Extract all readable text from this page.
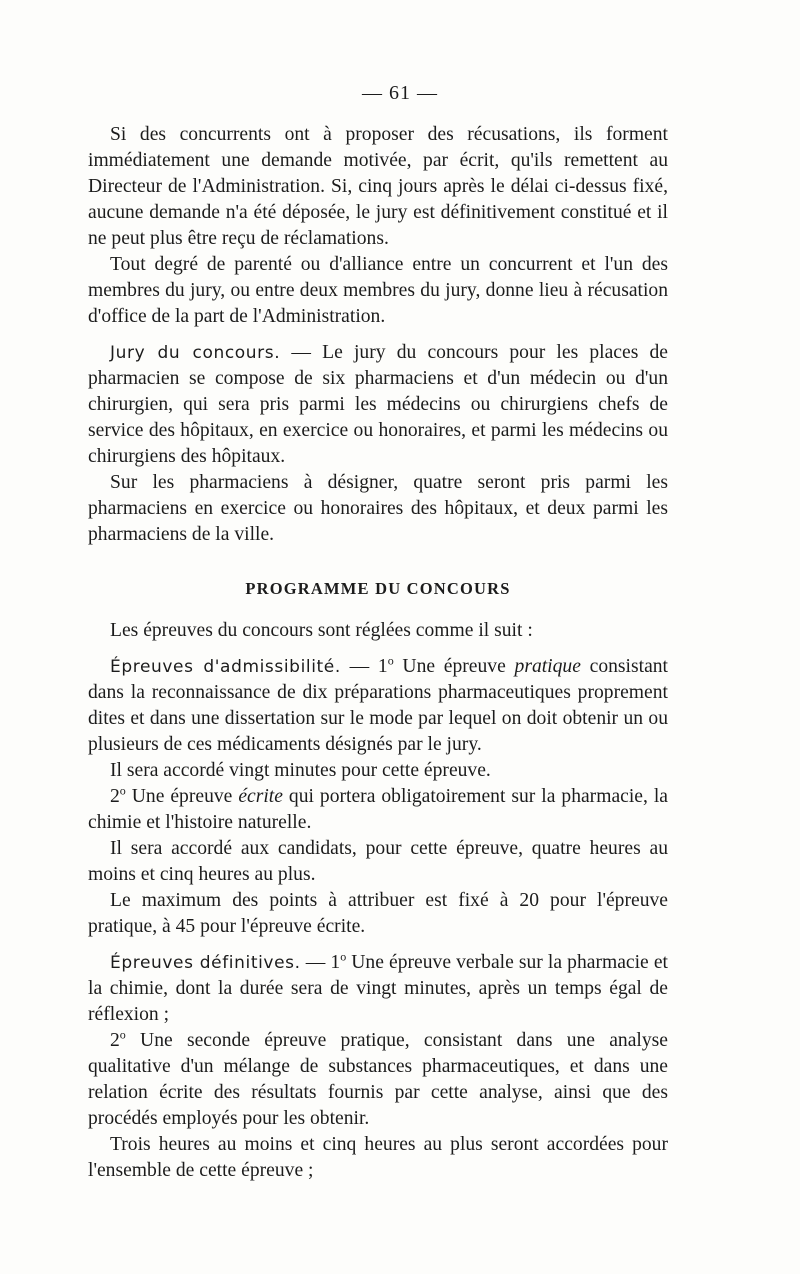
— 61 —

Si des concurrents ont à proposer des récusations, ils forment immédiatement une demande motivée, par écrit, qu'ils remettent au Directeur de l'Administration. Si, cinq jours après le délai ci-dessus fixé, aucune demande n'a été déposée, le jury est définitivement constitué et il ne peut plus être reçu de réclamations.

Tout degré de parenté ou d'alliance entre un concurrent et l'un des membres du jury, ou entre deux membres du jury, donne lieu à récusation d'office de la part de l'Administration.

Jury du concours. — Le jury du concours pour les places de pharmacien se compose de six pharmaciens et d'un médecin ou d'un chirurgien, qui sera pris parmi les médecins ou chirurgiens chefs de service des hôpitaux, en exercice ou honoraires, et parmi les médecins ou chirurgiens des hôpitaux.

Sur les pharmaciens à désigner, quatre seront pris parmi les pharmaciens en exercice ou honoraires des hôpitaux, et deux parmi les pharmaciens de la ville.

PROGRAMME DU CONCOURS

Les épreuves du concours sont réglées comme il suit :

Épreuves d'admissibilité. — 1$^o$ Une épreuve pratique consistant dans la reconnaissance de dix préparations pharmaceutiques proprement dites et dans une dissertation sur le mode par lequel on doit obtenir un ou plusieurs de ces médicaments désignés par le jury.

Il sera accordé vingt minutes pour cette épreuve.

2$^o$ Une épreuve écrite qui portera obligatoirement sur la pharmacie, la chimie et l'histoire naturelle.

Il sera accordé aux candidats, pour cette épreuve, quatre heures au moins et cinq heures au plus.

Le maximum des points à attribuer est fixé à 20 pour l'épreuve pratique, à 45 pour l'épreuve écrite.

Épreuves définitives. — 1$^o$ Une épreuve verbale sur la pharmacie et la chimie, dont la durée sera de vingt minutes, après un temps égal de réflexion ;

2$^o$ Une seconde épreuve pratique, consistant dans une analyse qualitative d'un mélange de substances pharmaceutiques, et dans une relation écrite des résultats fournis par cette analyse, ainsi que des procédés employés pour les obtenir.

Trois heures au moins et cinq heures au plus seront accordées pour l'ensemble de cette épreuve ;
